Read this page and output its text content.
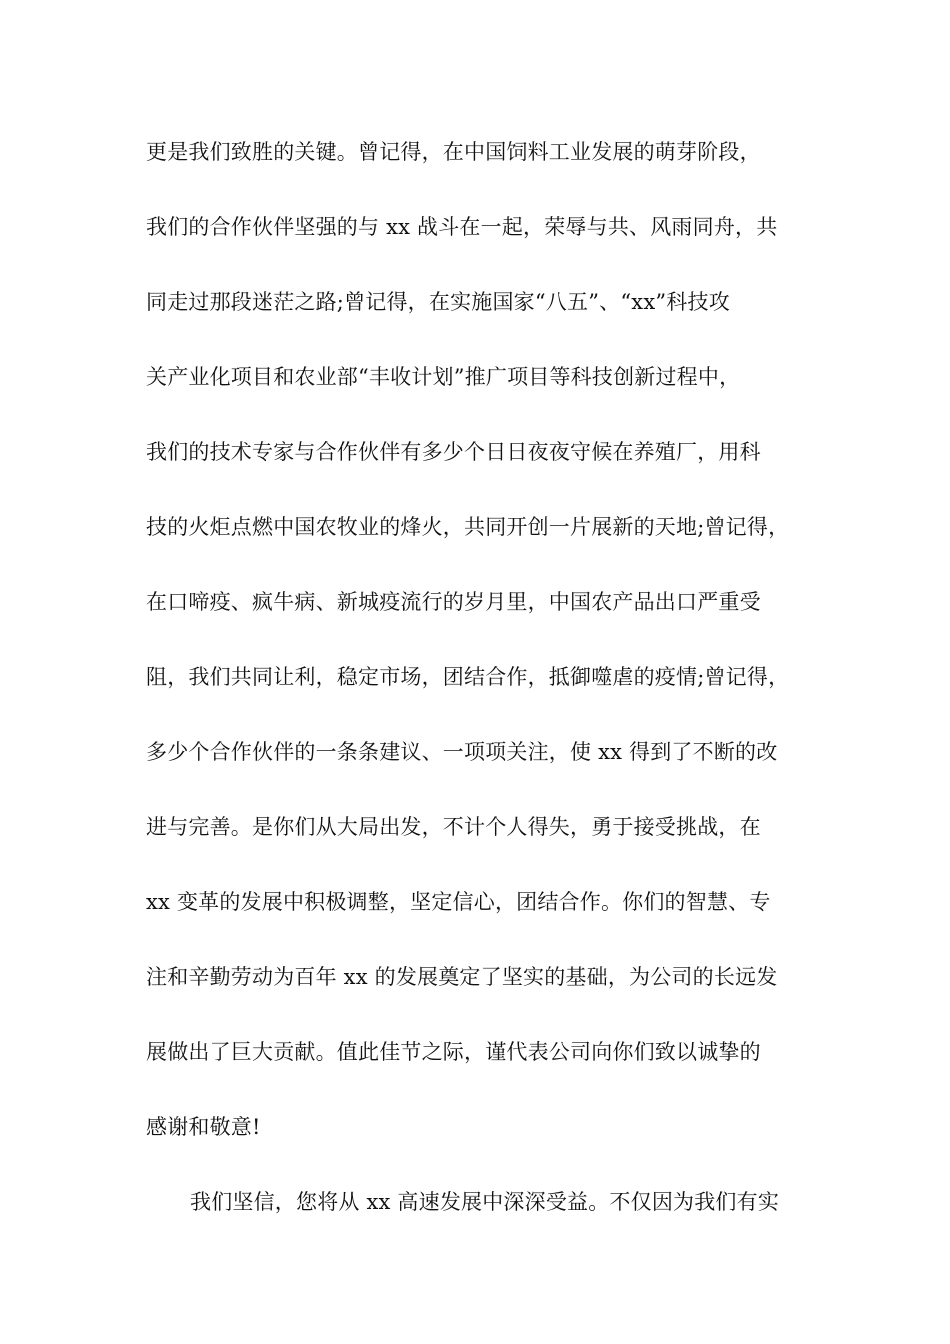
更是我们致胜的关键。曾记得，在中国饲料工业发展的萌芽阶段，
我们的合作伙伴坚强的与 xx 战斗在一起，荣辱与共、风雨同舟，共
同走过那段迷茫之路;曾记得，在实施国家“八五”、“xx”科技攻
关产业化项目和农业部“丰收计划”推广项目等科技创新过程中，
我们的技术专家与合作伙伴有多少个日日夜夜守候在养殖厂，用科
技的火炬点燃中国农牧业的烽火，共同开创一片展新的天地;曾记得，
在口啼疫、疯牛病、新城疫流行的岁月里，中国农产品出口严重受
阻，我们共同让利，稳定市场，团结合作，抵御噬虐的疫情;曾记得，
多少个合作伙伴的一条条建议、一项项关注，使 xx 得到了不断的改
进与完善。是你们从大局出发，不计个人得失，勇于接受挑战，在
xx 变革的发展中积极调整，坚定信心，团结合作。你们的智慧、专
注和辛勤劳动为百年 xx 的发展奠定了坚实的基础，为公司的长远发
展做出了巨大贡献。值此佳节之际，谨代表公司向你们致以诚挚的
感谢和敬意!
我们坚信，您将从 xx 高速发展中深深受益。不仅因为我们有实
